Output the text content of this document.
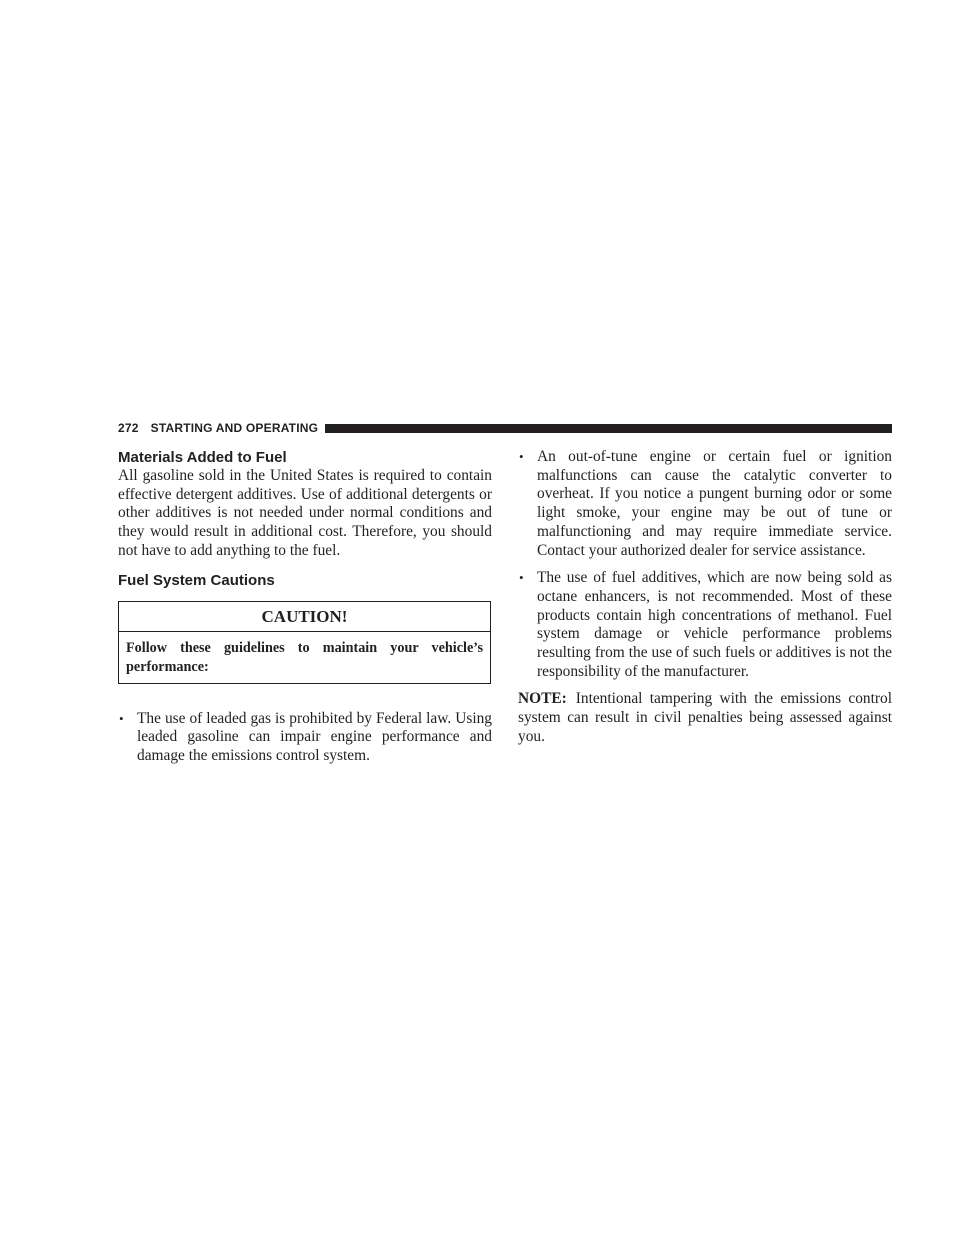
272 STARTING AND OPERATING
Materials Added to Fuel

All gasoline sold in the United States is required to contain effective detergent additives. Use of additional detergents or other additives is not needed under normal conditions and they would result in additional cost. Therefore, you should not have to add anything to the fuel.

Fuel System Cautions
CAUTION!
Follow these guidelines to maintain your vehicle’s performance:
• The use of leaded gas is prohibited by Federal law. Using leaded gasoline can impair engine performance and damage the emissions control system.
• An out-of-tune engine or certain fuel or ignition malfunctions can cause the catalytic converter to overheat. If you notice a pungent burning odor or some light smoke, your engine may be out of tune or malfunctioning and may require immediate service. Contact your authorized dealer for service assistance.
• The use of fuel additives, which are now being sold as octane enhancers, is not recommended. Most of these products contain high concentrations of methanol. Fuel system damage or vehicle performance problems resulting from the use of such fuels or additives is not the responsibility of the manufacturer.

NOTE: Intentional tampering with the emissions control system can result in civil penalties being assessed against you.
